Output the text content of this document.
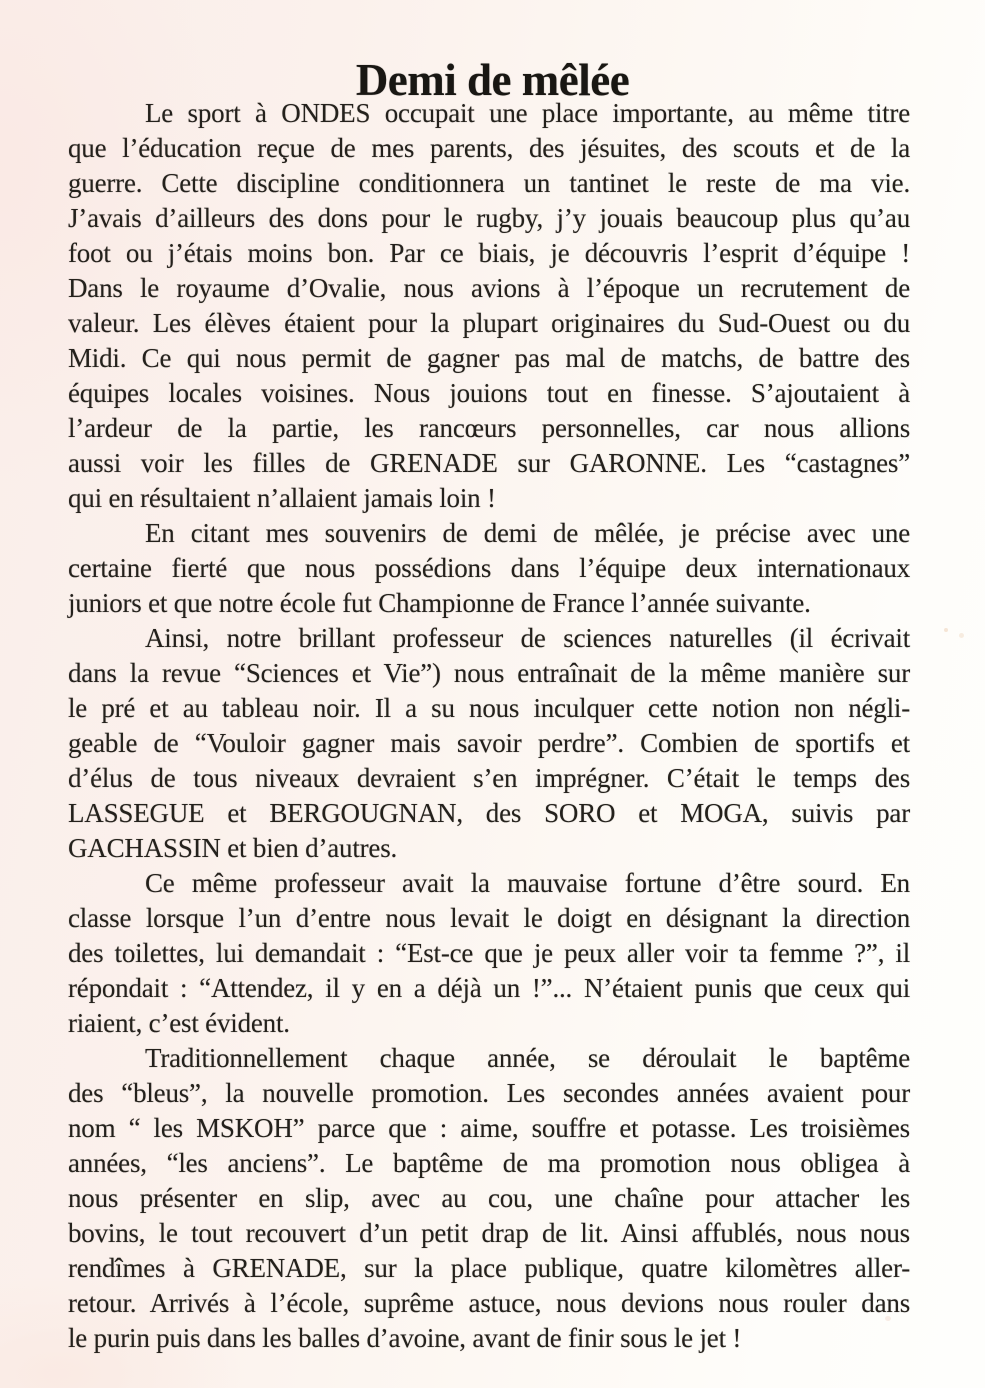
Demi de mêlée
Le sport à ONDES occupait une place importante, au même titre
que l’éducation reçue de mes parents, des jésuites, des scouts et de la
guerre. Cette discipline conditionnera un tantinet le reste de ma vie.
J’avais d’ailleurs des dons pour le rugby, j’y jouais beaucoup plus qu’au
foot ou j’étais moins bon. Par ce biais, je découvris l’esprit d’équipe !
Dans le royaume d’Ovalie, nous avions à l’époque un recrutement de
valeur. Les élèves étaient pour la plupart originaires du Sud-Ouest ou du
Midi. Ce qui nous permit de gagner pas mal de matchs, de battre des
équipes locales voisines. Nous jouions tout en finesse. S’ajoutaient à
l’ardeur de la partie, les rancœurs personnelles, car nous allions
aussi voir les filles de GRENADE sur GARONNE. Les “castagnes”
qui en résultaient n’allaient jamais loin !
En citant mes souvenirs de demi de mêlée, je précise avec une
certaine fierté que nous possédions dans l’équipe deux internationaux
juniors et que notre école fut Championne de France l’année suivante.
Ainsi, notre brillant professeur de sciences naturelles (il écrivait
dans la revue “Sciences et Vie”) nous entraînait de la même manière sur
le pré et au tableau noir. Il a su nous inculquer cette notion non négli-
geable de “Vouloir gagner mais savoir perdre”. Combien de sportifs et
d’élus de tous niveaux devraient s’en imprégner. C’était le temps des
LASSEGUE et BERGOUGNAN, des SORO et MOGA, suivis par
GACHASSIN et bien d’autres.
Ce même professeur avait la mauvaise fortune d’être sourd. En
classe lorsque l’un d’entre nous levait le doigt en désignant la direction
des toilettes, lui demandait : “Est-ce que je peux aller voir ta femme ?”, il
répondait : “Attendez, il y en a déjà un !”... N’étaient punis que ceux qui
riaient, c’est évident.
Traditionnellement chaque année, se déroulait le baptême
des “bleus”, la nouvelle promotion. Les secondes années avaient pour
nom “ les MSKOH” parce que : aime, souffre et potasse. Les troisièmes
années, “les anciens”. Le baptême de ma promotion nous obligea à
nous présenter en slip, avec au cou, une chaîne pour attacher les
bovins, le tout recouvert d’un petit drap de lit. Ainsi affublés, nous nous
rendîmes à GRENADE, sur la place publique, quatre kilomètres aller-
retour. Arrivés à l’école, suprême astuce, nous devions nous rouler dans
le purin puis dans les balles d’avoine, avant de finir sous le jet !
